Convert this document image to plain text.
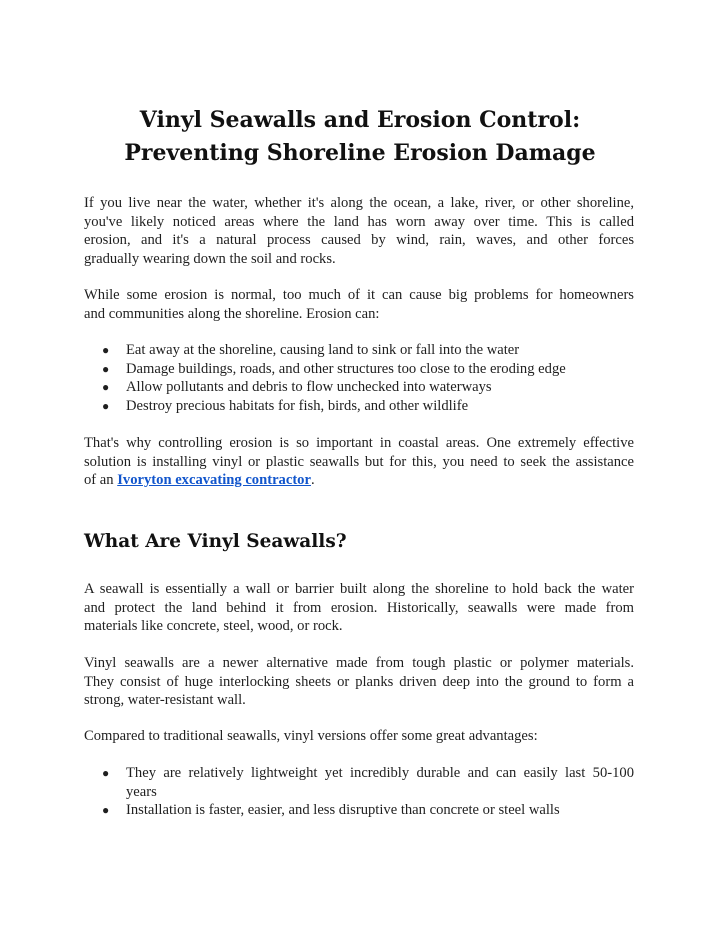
Vinyl Seawalls and Erosion Control:
Preventing Shoreline Erosion Damage

If you live near the water, whether it's along the ocean, a lake, river, or other shoreline,
you've likely noticed areas where the land has worn away over time. This is called
erosion, and it's a natural process caused by wind, rain, waves, and other forces
gradually wearing down the soil and rocks.

While some erosion is normal, too much of it can cause big problems for homeowners
and communities along the shoreline. Erosion can:

● Eat away at the shoreline, causing land to sink or fall into the water
● Damage buildings, roads, and other structures too close to the eroding edge
● Allow pollutants and debris to flow unchecked into waterways
● Destroy precious habitats for fish, birds, and other wildlife

That's why controlling erosion is so important in coastal areas. One extremely effective
solution is installing vinyl or plastic seawalls but for this, you need to seek the assistance
of an Ivoryton excavating contractor.

What Are Vinyl Seawalls?

A seawall is essentially a wall or barrier built along the shoreline to hold back the water
and protect the land behind it from erosion. Historically, seawalls were made from
materials like concrete, steel, wood, or rock.

Vinyl seawalls are a newer alternative made from tough plastic or polymer materials.
They consist of huge interlocking sheets or planks driven deep into the ground to form a
strong, water-resistant wall.

Compared to traditional seawalls, vinyl versions offer some great advantages:

● They are relatively lightweight yet incredibly durable and can easily last 50-100
years
● Installation is faster, easier, and less disruptive than concrete or steel walls
